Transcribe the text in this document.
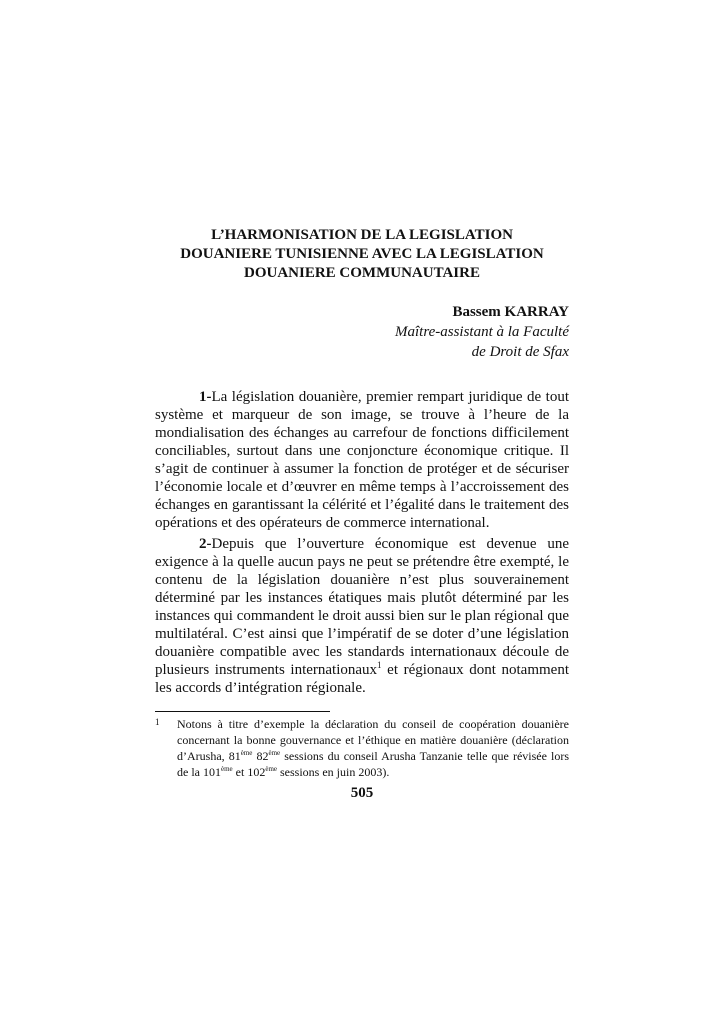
L’HARMONISATION DE LA LEGISLATION
DOUANIERE TUNISIENNE AVEC LA LEGISLATION
DOUANIERE COMMUNAUTAIRE
Bassem KARRAY
Maître-assistant à la Faculté
de Droit de Sfax

1-La législation douanière, premier rempart juridique de tout système et marqueur de son image, se trouve à l’heure de la mondialisation des échanges au carrefour de fonctions difficilement conciliables, surtout dans une conjoncture économique critique. Il s’agit de continuer à assumer la fonction de protéger et de sécuriser l’économie locale et d’œuvrer en même temps à l’accroissement des échanges en garantissant la célérité et l’égalité dans le traitement des opérations et des opérateurs de commerce international.

2-Depuis que l’ouverture économique est devenue une exigence à la quelle aucun pays ne peut se prétendre être exempté, le contenu de la législation douanière n’est plus souverainement déterminé par les instances étatiques mais plutôt déterminé par les instances qui commandent le droit aussi bien sur le plan régional que multilatéral. C’est ainsi que l’impératif de se doter d’une législation douanière compatible avec les standards internationaux découle de plusieurs instruments internationaux$^1$ et régionaux dont notamment les accords d’intégration régionale.

1	Notons à titre d’exemple la déclaration du conseil de coopération douanière concernant la bonne gouvernance et l’éthique en matière douanière (déclaration d’Arusha, 81ème 82ème sessions du conseil Arusha Tanzanie telle que révisée lors de la 101ème et 102ème sessions en juin 2003).
505
